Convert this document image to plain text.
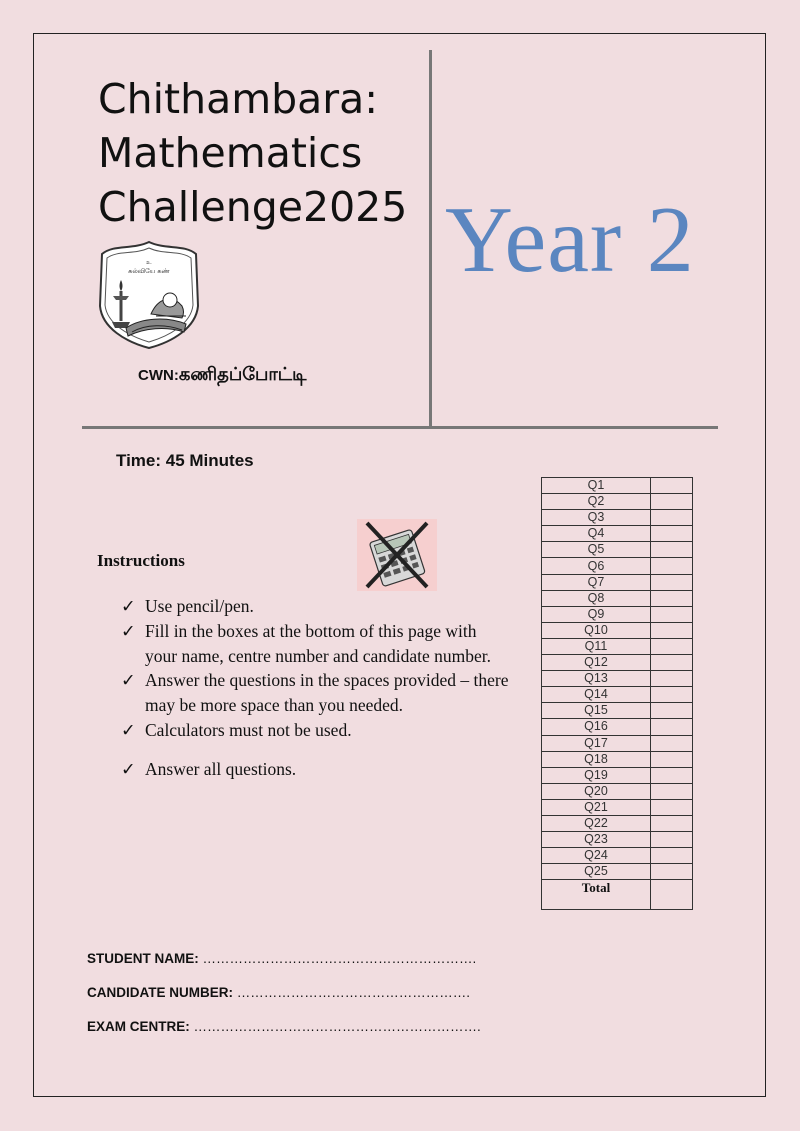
Chithambara:
Mathematics
Challenge2025 Year 2
உ
கல்வியே கண்
CWN:கணிதப்போட்டி
Time: 45 Minutes
Instructions
✓ Use pencil/pen.
✓ Fill in the boxes at the bottom of this page with your name, centre number and candidate number.
✓ Answer the questions in the spaces provided – there may be more space than you needed.
✓ Calculators must not be used.
✓ Answer all questions.
Q1	
Q2	
Q3	
Q4	
Q5	
Q6	
Q7	
Q8	
Q9	
Q10	
Q11	
Q12	
Q13	
Q14	
Q15	
Q16	
Q17	
Q18	
Q19	
Q20	
Q21	
Q22	
Q23	
Q24	
Q25	
Total	
STUDENT NAME: …………………………………………………….
CANDIDATE NUMBER: …………………………………………….
EXAM CENTRE: ……………………………………………………….
